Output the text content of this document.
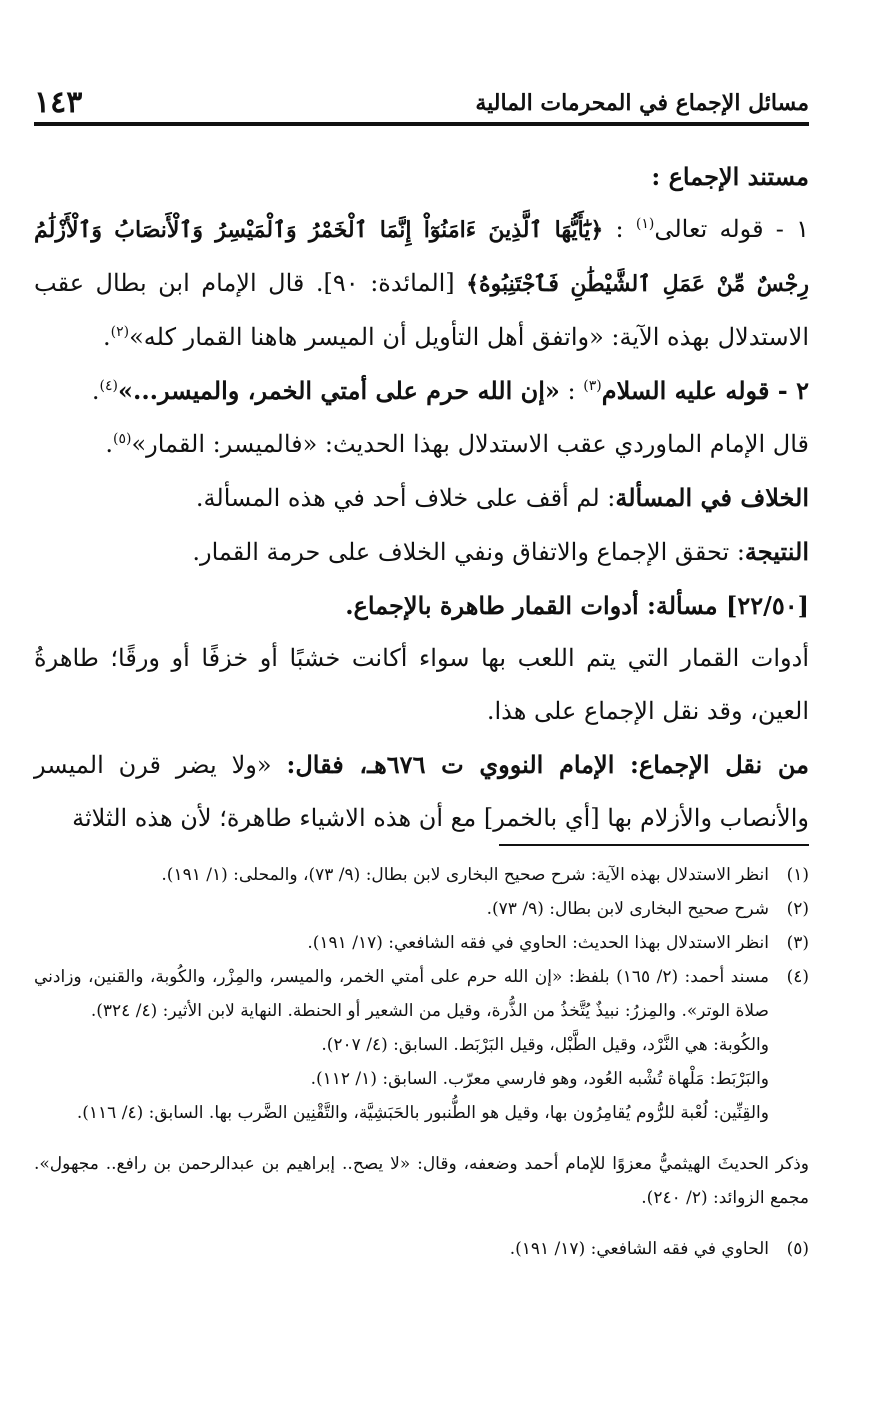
مسائل الإجماع في المحرمات المالية
١٤٣

مستند الإجماع :

١ - قوله تعالى$^{(١)}$ : ﴿يَٰٓأَيُّهَا ٱلَّذِينَ ءَامَنُوٓاْ إِنَّمَا ٱلْخَمْرُ وَٱلْمَيْسِرُ وَٱلْأَنصَابُ وَٱلْأَزْلَٰمُ رِجْسٌ مِّنْ عَمَلِ ٱلشَّيْطَٰنِ فَٱجْتَنِبُوهُ﴾ [المائدة: ٩٠]. قال الإمام ابن بطال عقب الاستدلال بهذه الآية: «واتفق أهل التأويل أن الميسر هاهنا القمار كله»$^{(٢)}$.

٢ - قوله عليه السلام$^{(٣)}$ : «إن الله حرم على أمتي الخمر، والميسر...»$^{(٤)}$.

قال الإمام الماوردي عقب الاستدلال بهذا الحديث: «فالميسر: القمار»$^{(٥)}$.

الخلاف في المسألة: لم أقف على خلاف أحد في هذه المسألة.

النتيجة: تحقق الإجماع والاتفاق ونفي الخلاف على حرمة القمار.

[٢٢/٥٠] مسألة: أدوات القمار طاهرة بالإجماع.

أدوات القمار التي يتم اللعب بها سواء أكانت خشبًا أو خزفًا أو ورقًا؛ طاهرةُ العين، وقد نقل الإجماع على هذا.

من نقل الإجماع: الإمام النووي ت ٦٧٦هـ، فقال: «ولا يضر قرن الميسر والأنصاب والأزلام بها [أي بالخمر] مع أن هذه الاشياء طاهرة؛ لأن هذه الثلاثة

(١)
انظر الاستدلال بهذه الآية: شرح صحيح البخارى لابن بطال: (٩/ ٧٣)، والمحلى: (١/ ١٩١).
(٢)
شرح صحيح البخارى لابن بطال: (٩/ ٧٣).
(٣)
انظر الاستدلال بهذا الحديث: الحاوي في فقه الشافعي: (١٧/ ١٩١).
(٤)
مسند أحمد: (٢/ ١٦٥) بلفظ: «إن الله حرم على أمتي الخمر، والميسر، والمِزْر، والكُوبة، والقنين، وزادني صلاة الوتر». والمِزرُ: نبيذٌ يُتَّخذُ من الذُّرة، وقيل من الشعير أو الحنطة. النهاية لابن الأثير: (٤/ ٣٢٤).

والكُوبة: هي النَّرْد، وقيل الطَّبْل، وقيل البَرْبَط. السابق: (٤/ ٢٠٧).

والبَرْبَط: مَلْهاة تُشْبه العُود، وهو فارسي معرّب. السابق: (١/ ١١٢).

والقِنِّين: لُعْبة للرُّوم يُقامِرُون بها، وقيل هو الطُّنبور بالحَبَشِيَّة، والتَّقْنِين الضَّرب بها. السابق: (٤/ ١١٦).

وذكر الحديثَ الهيثميُّ معزوًا للإمام أحمد وضعفه، وقال: «لا يصح.. إبراهيم بن عبدالرحمن بن رافع.. مجهول». مجمع الزوائد: (٢/ ٢٤٠).

(٥)
الحاوي في فقه الشافعي: (١٧/ ١٩١).
